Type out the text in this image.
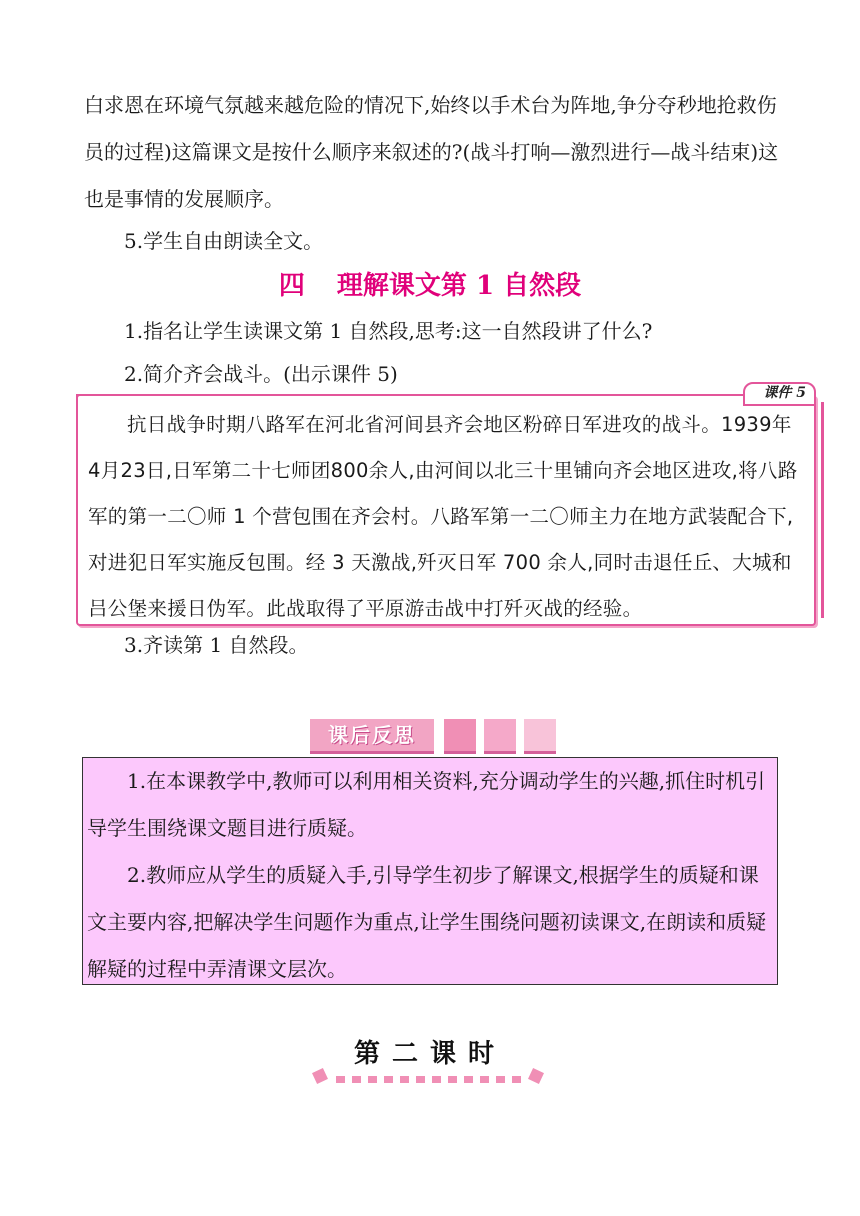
白求恩在环境气氛越来越危险的情况下,始终以手术台为阵地,争分夺秒地抢救伤员的过程)这篇课文是按什么顺序来叙述的?(战斗打响—激烈进行—战斗结束)这也是事情的发展顺序。

5.学生自由朗读全文。

四 理解课文第 1 自然段

1.指名让学生读课文第 1 自然段,思考:这一自然段讲了什么?

2.简介齐会战斗。(出示课件 5)

课件 5

抗日战争时期八路军在河北省河间县齐会地区粉碎日军进攻的战斗。1939年4月23日,日军第二十七师团800余人,由河间以北三十里铺向齐会地区进攻,将八路军的第一二〇师 1 个营包围在齐会村。八路军第一二〇师主力在地方武装配合下,对进犯日军实施反包围。经 3 天激战,歼灭日军 700 余人,同时击退任丘、大城和吕公堡来援日伪军。此战取得了平原游击战中打歼灭战的经验。

3.齐读第 1 自然段。

课后反思

1.在本课教学中,教师可以利用相关资料,充分调动学生的兴趣,抓住时机引导学生围绕课文题目进行质疑。

2.教师应从学生的质疑入手,引导学生初步了解课文,根据学生的质疑和课文主要内容,把解决学生问题作为重点,让学生围绕问题初读课文,在朗读和质疑解疑的过程中弄清课文层次。

第二课时
